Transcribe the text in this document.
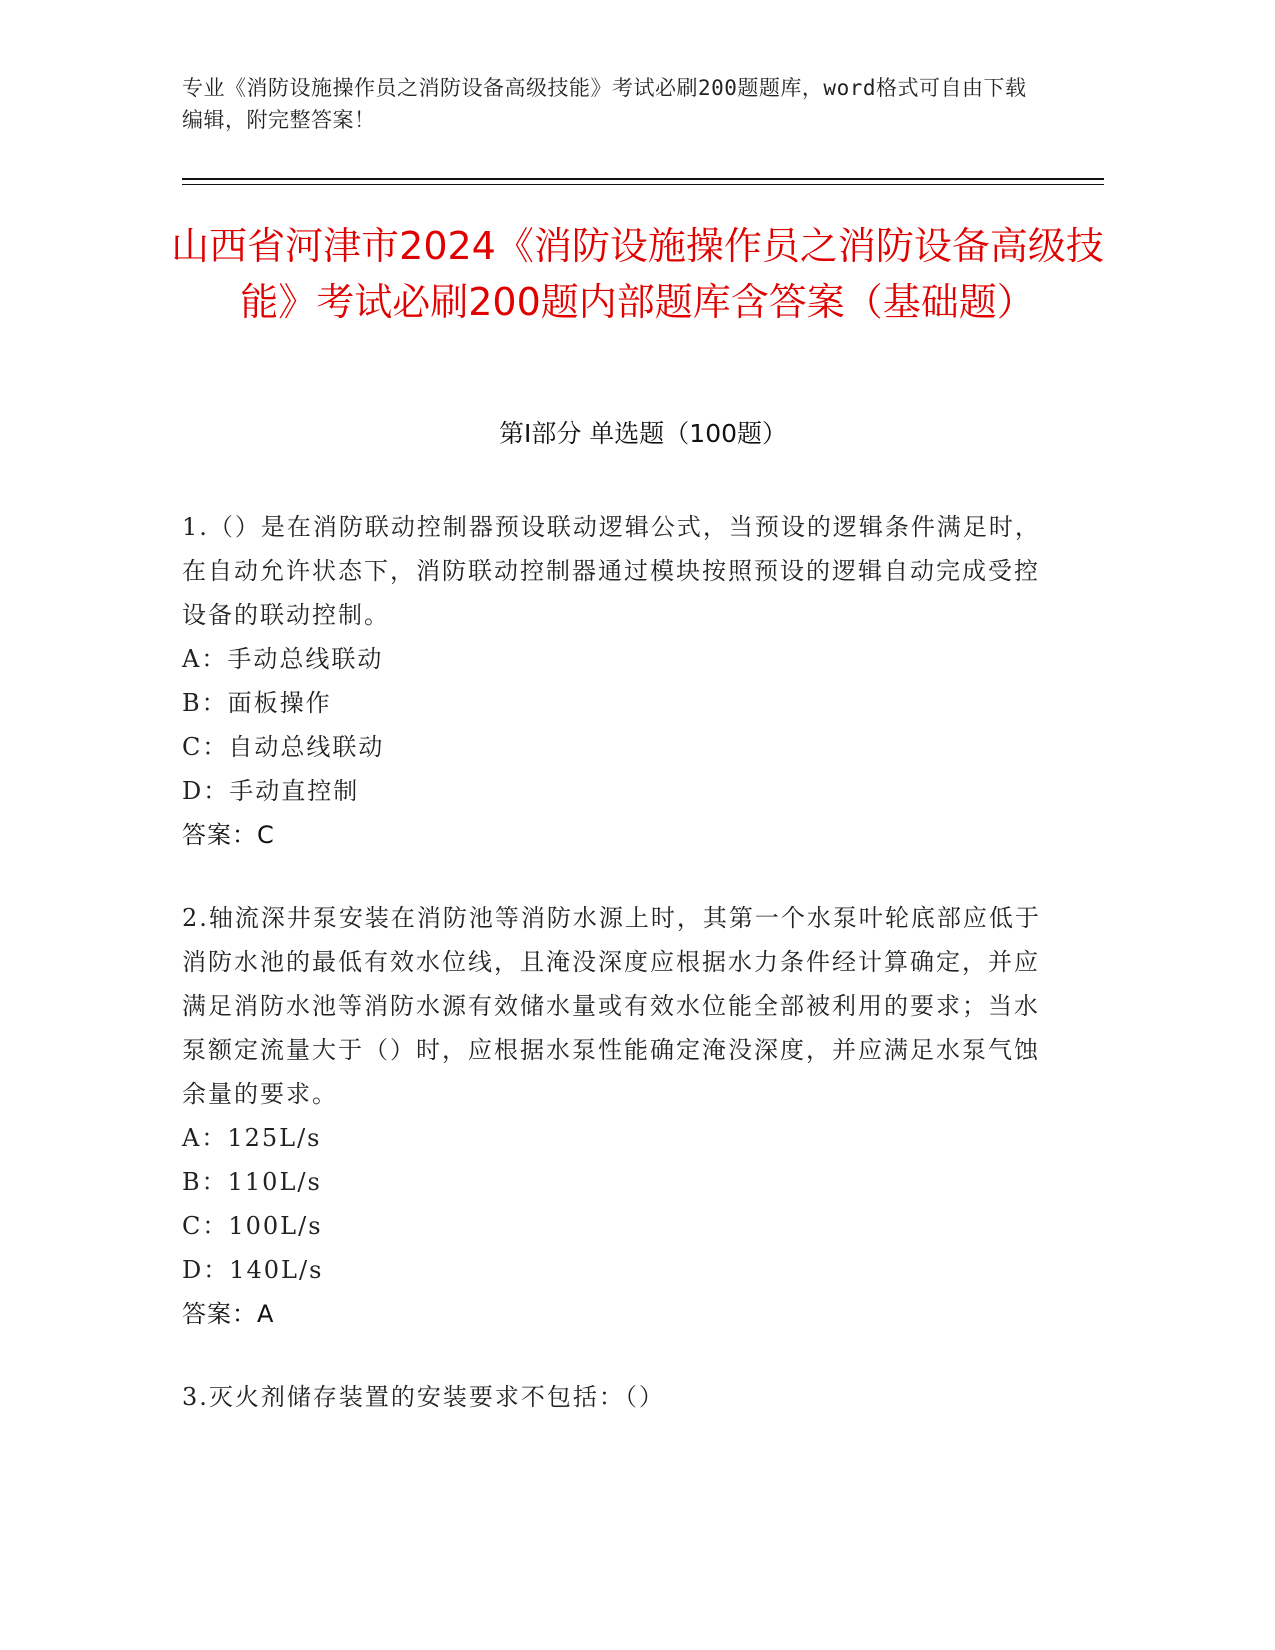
专业《消防设施操作员之消防设备高级技能》考试必刷200题题库，word格式可自由下载编辑，附完整答案！
山西省河津市2024《消防设施操作员之消防设备高级技能》考试必刷200题内部题库含答案（基础题）
第I部分 单选题（100题）

1.（）是在消防联动控制器预设联动逻辑公式，当预设的逻辑条件满足时，在自动允许状态下，消防联动控制器通过模块按照预设的逻辑自动完成受控设备的联动控制。

A：手动总线联动
B：面板操作
C：自动总线联动
D：手动直控制
答案：C

2.轴流深井泵安装在消防池等消防水源上时，其第一个水泵叶轮底部应低于消防水池的最低有效水位线，且淹没深度应根据水力条件经计算确定，并应满足消防水池等消防水源有效储水量或有效水位能全部被利用的要求；当水泵额定流量大于（）时，应根据水泵性能确定淹没深度，并应满足水泵气蚀余量的要求。

A：125L/s
B：110L/s
C：100L/s
D：140L/s
答案：A

3.灭火剂储存装置的安装要求不包括：（）
